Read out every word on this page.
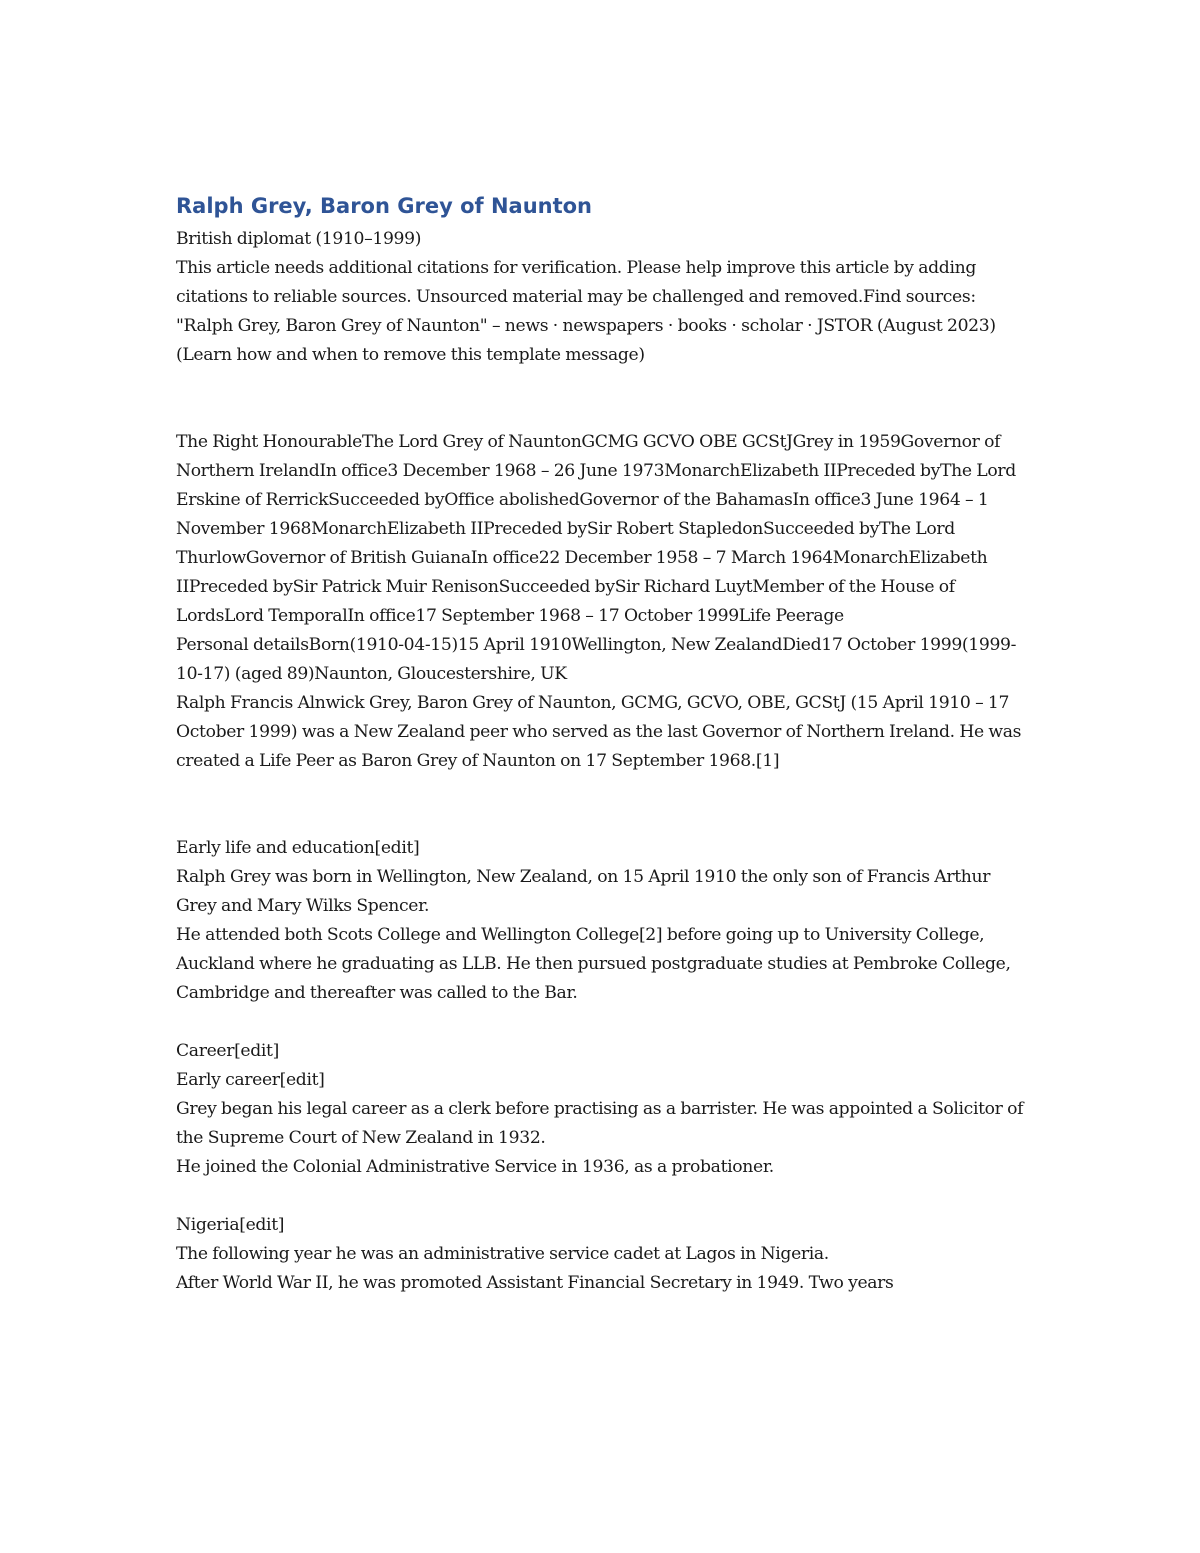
Ralph Grey, Baron Grey of Naunton

British diplomat (1910–1999)

This article needs additional citations for verification. Please help improve this article by adding citations to reliable sources. Unsourced material may be challenged and removed.Find sources: "Ralph Grey, Baron Grey of Naunton" – news · newspapers · books · scholar · JSTOR (August 2023) (Learn how and when to remove this template message)

The Right HonourableThe Lord Grey of NauntonGCMG GCVO OBE GCStJGrey in 1959Governor of Northern IrelandIn office3 December 1968 – 26 June 1973MonarchElizabeth IIPreceded byThe Lord Erskine of RerrickSucceeded byOffice abolishedGovernor of the BahamasIn office3 June 1964 – 1 November 1968MonarchElizabeth IIPreceded bySir Robert StapledonSucceeded byThe Lord ThurlowGovernor of British GuianaIn office22 December 1958 – 7 March 1964MonarchElizabeth IIPreceded bySir Patrick Muir RenisonSucceeded bySir Richard LuytMember of the House of LordsLord TemporalIn office17 September 1968 – 17 October 1999Life Peerage

Personal detailsBorn(1910-04-15)15 April 1910Wellington, New ZealandDied17 October 1999(1999-10-17) (aged 89)Naunton, Gloucestershire, UK

Ralph Francis Alnwick Grey, Baron Grey of Naunton, GCMG, GCVO, OBE, GCStJ (15 April 1910 – 17 October 1999) was a New Zealand peer who served as the last Governor of Northern Ireland. He was created a Life Peer as Baron Grey of Naunton on 17 September 1968.[1]

Early life and education[edit]

Ralph Grey was born in Wellington, New Zealand, on 15 April 1910 the only son of Francis Arthur Grey and Mary Wilks Spencer.

He attended both Scots College and Wellington College[2] before going up to University College, Auckland where he graduating as LLB. He then pursued postgraduate studies at Pembroke College, Cambridge and thereafter was called to the Bar.

Career[edit]

Early career[edit]

Grey began his legal career as a clerk before practising as a barrister. He was appointed a Solicitor of the Supreme Court of New Zealand in 1932.

He joined the Colonial Administrative Service in 1936, as a probationer.

Nigeria[edit]

The following year he was an administrative service cadet at Lagos in Nigeria.

After World War II, he was promoted Assistant Financial Secretary in 1949. Two years
